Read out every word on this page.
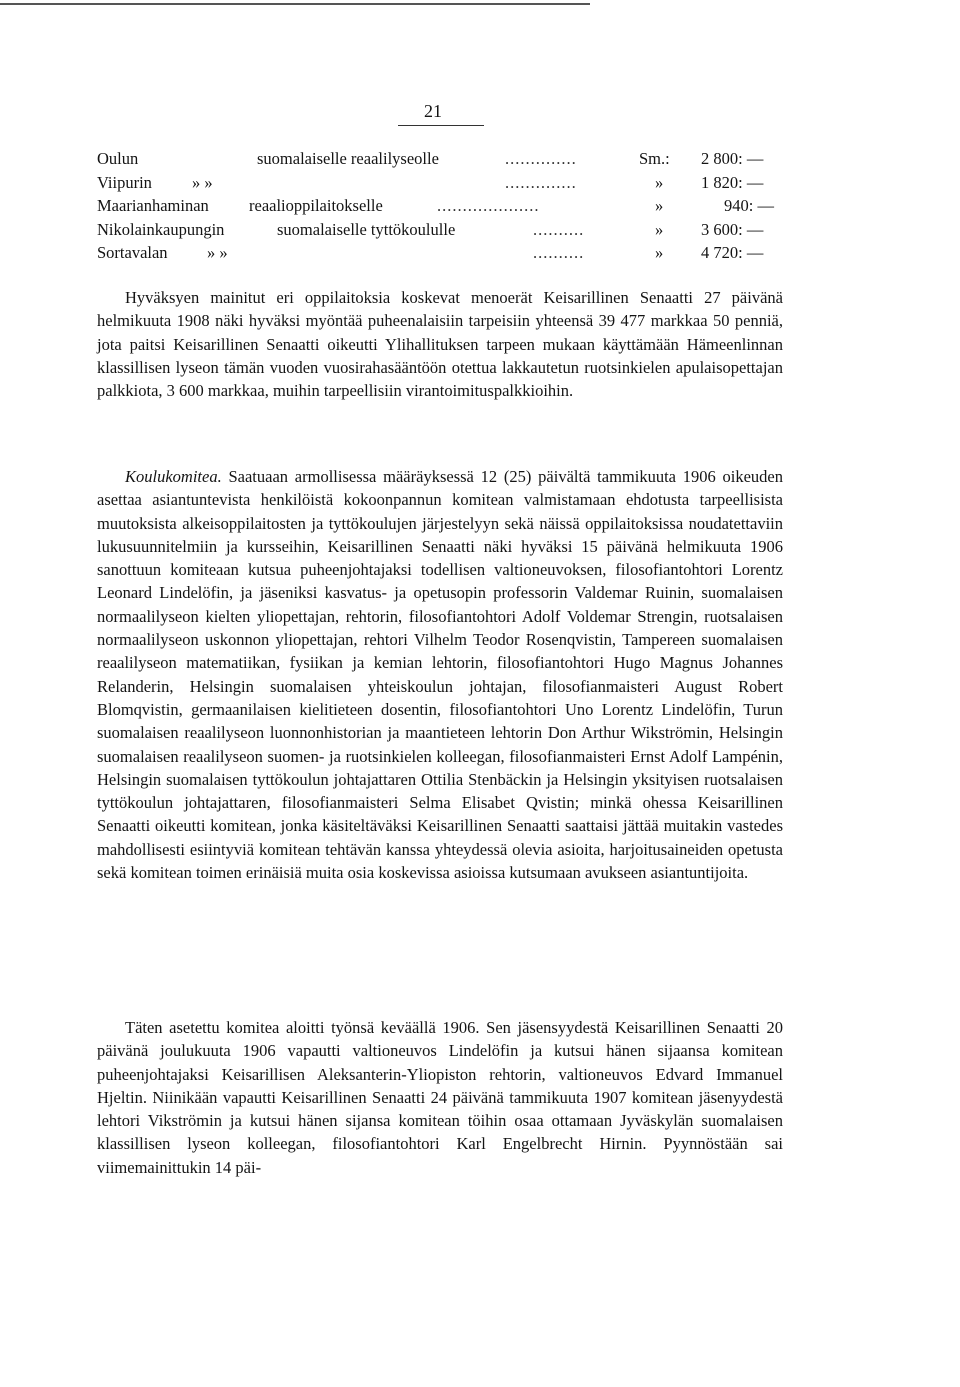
21
Oulun	suomalaiselle reaalilyseolle	..............	Sm.: 2 800: —
Viipurin » »	..............	» 1 820: —
Maarianhaminan reaalioppilaitokselle	....................	»	940: —
Nikolainkaupungin	suomalaiselle tyttökoululle	..........	» 3 600: —
Sortavalan » »	..........	» 4 720: —

Hyväksyen mainitut eri oppilaitoksia koskevat menoerät Keisarillinen Senaatti 27 päivänä helmikuuta 1908 näki hyväksi myöntää puheenalaisiin tarpeisiin yhteensä 39 477 markkaa 50 penniä, jota paitsi Keisarillinen Senaatti oikeutti Ylihallituksen tarpeen mukaan käyttämään Hämeenlinnan klassillisen lyseon tämän vuoden vuosirahasääntöön otettua lakkautetun ruotsinkielen apulaisopettajan palkkiota, 3 600 markkaa, muihin tarpeellisiin virantoimituspalkkioihin.

Koulukomitea. Saatuaan armollisessa määräyksessä 12 (25) päivältä tammikuuta 1906 oikeuden asettaa asiantuntevista henkilöistä kokoonpannun komitean valmistamaan ehdotusta tarpeellisista muutoksista alkeisoppilaitosten ja tyttökoulujen järjestelyyn sekä näissä oppilaitoksissa noudatettaviin lukusuunnitelmiin ja kursseihin, Keisarillinen Senaatti näki hyväksi 15 päivänä helmikuuta 1906 sanottuun komiteaan kutsua puheenjohtajaksi todellisen valtioneuvoksen, filosofiantohtori Lorentz Leonard Lindelöfin, ja jäseniksi kasvatus- ja opetusopin professorin Valdemar Ruinin, suomalaisen normaalilyseon kielten yliopettajan, rehtorin, filosofiantohtori Adolf Voldemar Strengin, ruotsalaisen normaalilyseon uskonnon yliopettajan, rehtori Vilhelm Teodor Rosenqvistin, Tampereen suomalaisen reaalilyseon matematiikan, fysiikan ja kemian lehtorin, filosofiantohtori Hugo Magnus Johannes Relanderin, Helsingin suomalaisen yhteiskoulun johtajan, filosofianmaisteri August Robert Blomqvistin, germaanilaisen kielitieteen dosentin, filosofiantohtori Uno Lorentz Lindelöfin, Turun suomalaisen reaalilyseon luonnonhistorian ja maantieteen lehtorin Don Arthur Wikströmin, Helsingin suomalaisen reaalilyseon suomen- ja ruotsinkielen kolleegan, filosofianmaisteri Ernst Adolf Lampénin, Helsingin suomalaisen tyttökoulun johtajattaren Ottilia Stenbäckin ja Helsingin yksityisen ruotsalaisen tyttökoulun johtajattaren, filosofianmaisteri Selma Elisabet Qvistin; minkä ohessa Keisarillinen Senaatti oikeutti komitean, jonka käsiteltäväksi Keisarillinen Senaatti saattaisi jättää muitakin vastedes mahdollisesti esiintyviä komitean tehtävän kanssa yhteydessä olevia asioita, harjoitusaineiden opetusta sekä komitean toimen erinäisiä muita osia koskevissa asioissa kutsumaan avukseen asiantuntijoita.

Täten asetettu komitea aloitti työnsä keväällä 1906. Sen jäsensyydestä Keisarillinen Senaatti 20 päivänä joulukuuta 1906 vapautti valtioneuvos Lindelöfin ja kutsui hänen sijaansa komitean puheenjohtajaksi Keisarillisen Aleksanterin-Yliopiston rehtorin, valtioneuvos Edvard Immanuel Hjeltin. Niinikään vapautti Keisarillinen Senaatti 24 päivänä tammikuuta 1907 komitean jäsenyydestä lehtori Vikströmin ja kutsui hänen sijansa komitean töihin osaa ottamaan Jyväskylän suomalaisen klassillisen lyseon kolleegan, filosofiantohtori Karl Engelbrecht Hirnin. Pyynnöstään sai viimemainittukin 14 päi-
